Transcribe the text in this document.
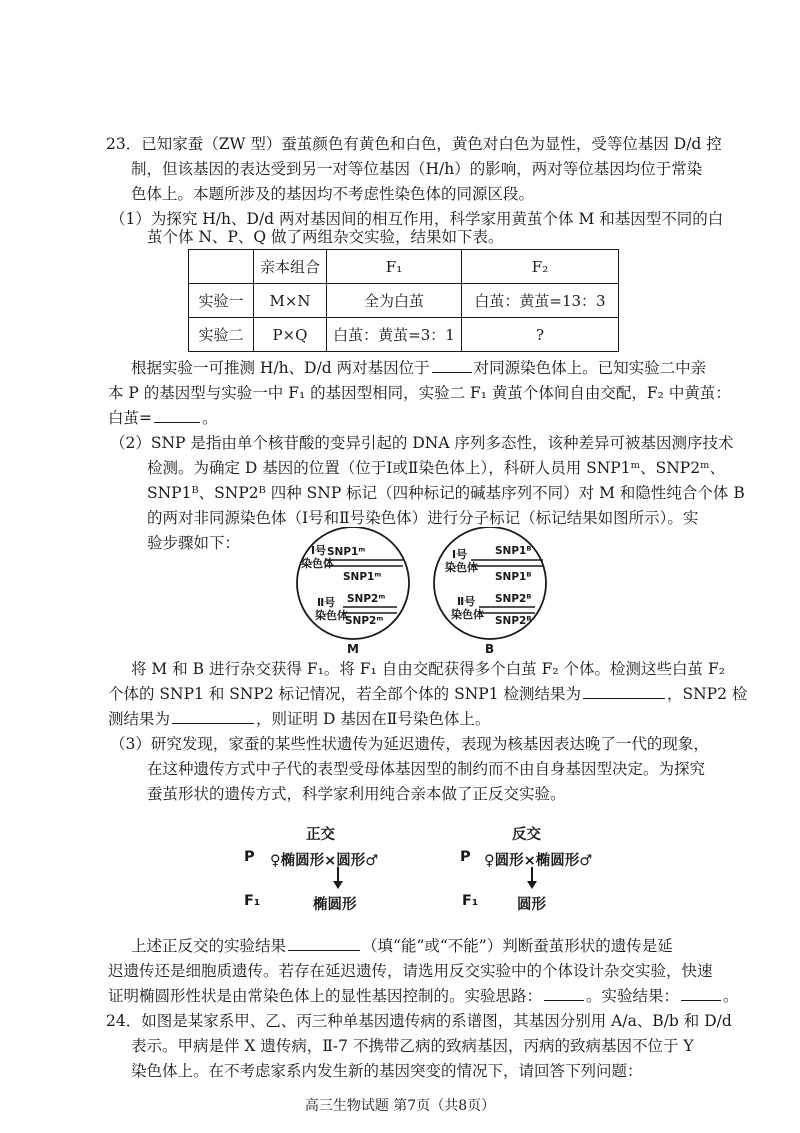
23．已知家蚕（ZW 型）蚕茧颜色有黄色和白色，黄色对白色为显性，受等位基因 D/d 控
制，但该基因的表达受到另一对等位基因（H/h）的影响，两对等位基因均位于常染
色体上。本题所涉及的基因均不考虑性染色体的同源区段。
（1）为探究 H/h、D/d 两对基因间的相互作用，科学家用黄茧个体 M 和基因型不同的白
茧个体 N、P、Q 做了两组杂交实验，结果如下表。
	亲本组合	F₁	F₂
实验一	M×N	全为白茧	白茧：黄茧=13：3
实验二	P×Q	白茧：黄茧=3：1	?
根据实验一可推测 H/h、D/d 两对基因位于	对同源染色体上。已知实验二中亲
本 P 的基因型与实验一中 F₁ 的基因型相同，实验二 F₁ 黄茧个体间自由交配，F₂ 中黄茧：
白茧=	。
（2）SNP 是指由单个核苷酸的变异引起的 DNA 序列多态性，该种差异可被基因测序技术
检测。为确定 D 基因的位置（位于Ⅰ或Ⅱ染色体上），科研人员用 SNP1ᵐ、SNP2ᵐ、
SNP1ᴮ、SNP2ᴮ 四种 SNP 标记（四种标记的碱基序列不同）对 M 和隐性纯合个体 B
的两对非同源染色体（Ⅰ号和Ⅱ号染色体）进行分子标记（标记结果如图所示）。实
验步骤如下：	Ⅰ号
染色体
SNP1ᵐ
SNP1ᵐ
Ⅱ号
染色体
SNP2ᵐ
SNP2ᵐ
M
Ⅰ号
染色体
SNP1ᴮ
SNP1ᴮ
Ⅱ号
染色体
SNP2ᴮ
SNP2ᴮ
B
将 M 和 B 进行杂交获得 F₁。将 F₁ 自由交配获得多个白茧 F₂ 个体。检测这些白茧 F₂
个体的 SNP1 和 SNP2 标记情况，若全部个体的 SNP1 检测结果为	，SNP2 检
测结果为	，则证明 D 基因在Ⅱ号染色体上。
（3）研究发现，家蚕的某些性状遗传为延迟遗传，表现为核基因表达晚了一代的现象，
在这种遗传方式中子代的表型受母体基因型的制约而不由自身基因型决定。为探究
蚕茧形状的遗传方式，科学家利用纯合亲本做了正反交实验。
正交
P ♀椭圆形×圆形♂
F₁	椭圆形
反交
P ♀圆形×椭圆形♂
F₁	圆形
上述正反交的实验结果	（填“能”或“不能”）判断蚕茧形状的遗传是延
迟遗传还是细胞质遗传。若存在延迟遗传，请选用反交实验中的个体设计杂交实验，快速
证明椭圆形性状是由常染色体上的显性基因控制的。实验思路：	。实验结果：	。
24．如图是某家系甲、乙、丙三种单基因遗传病的系谱图，其基因分别用 A/a、B/b 和 D/d
表示。甲病是伴 X 遗传病，Ⅱ-7 不携带乙病的致病基因，丙病的致病基因不位于 Y
染色体上。在不考虑家系内发生新的基因突变的情况下，请回答下列问题：
高三生物试题 第7页（共8页）
